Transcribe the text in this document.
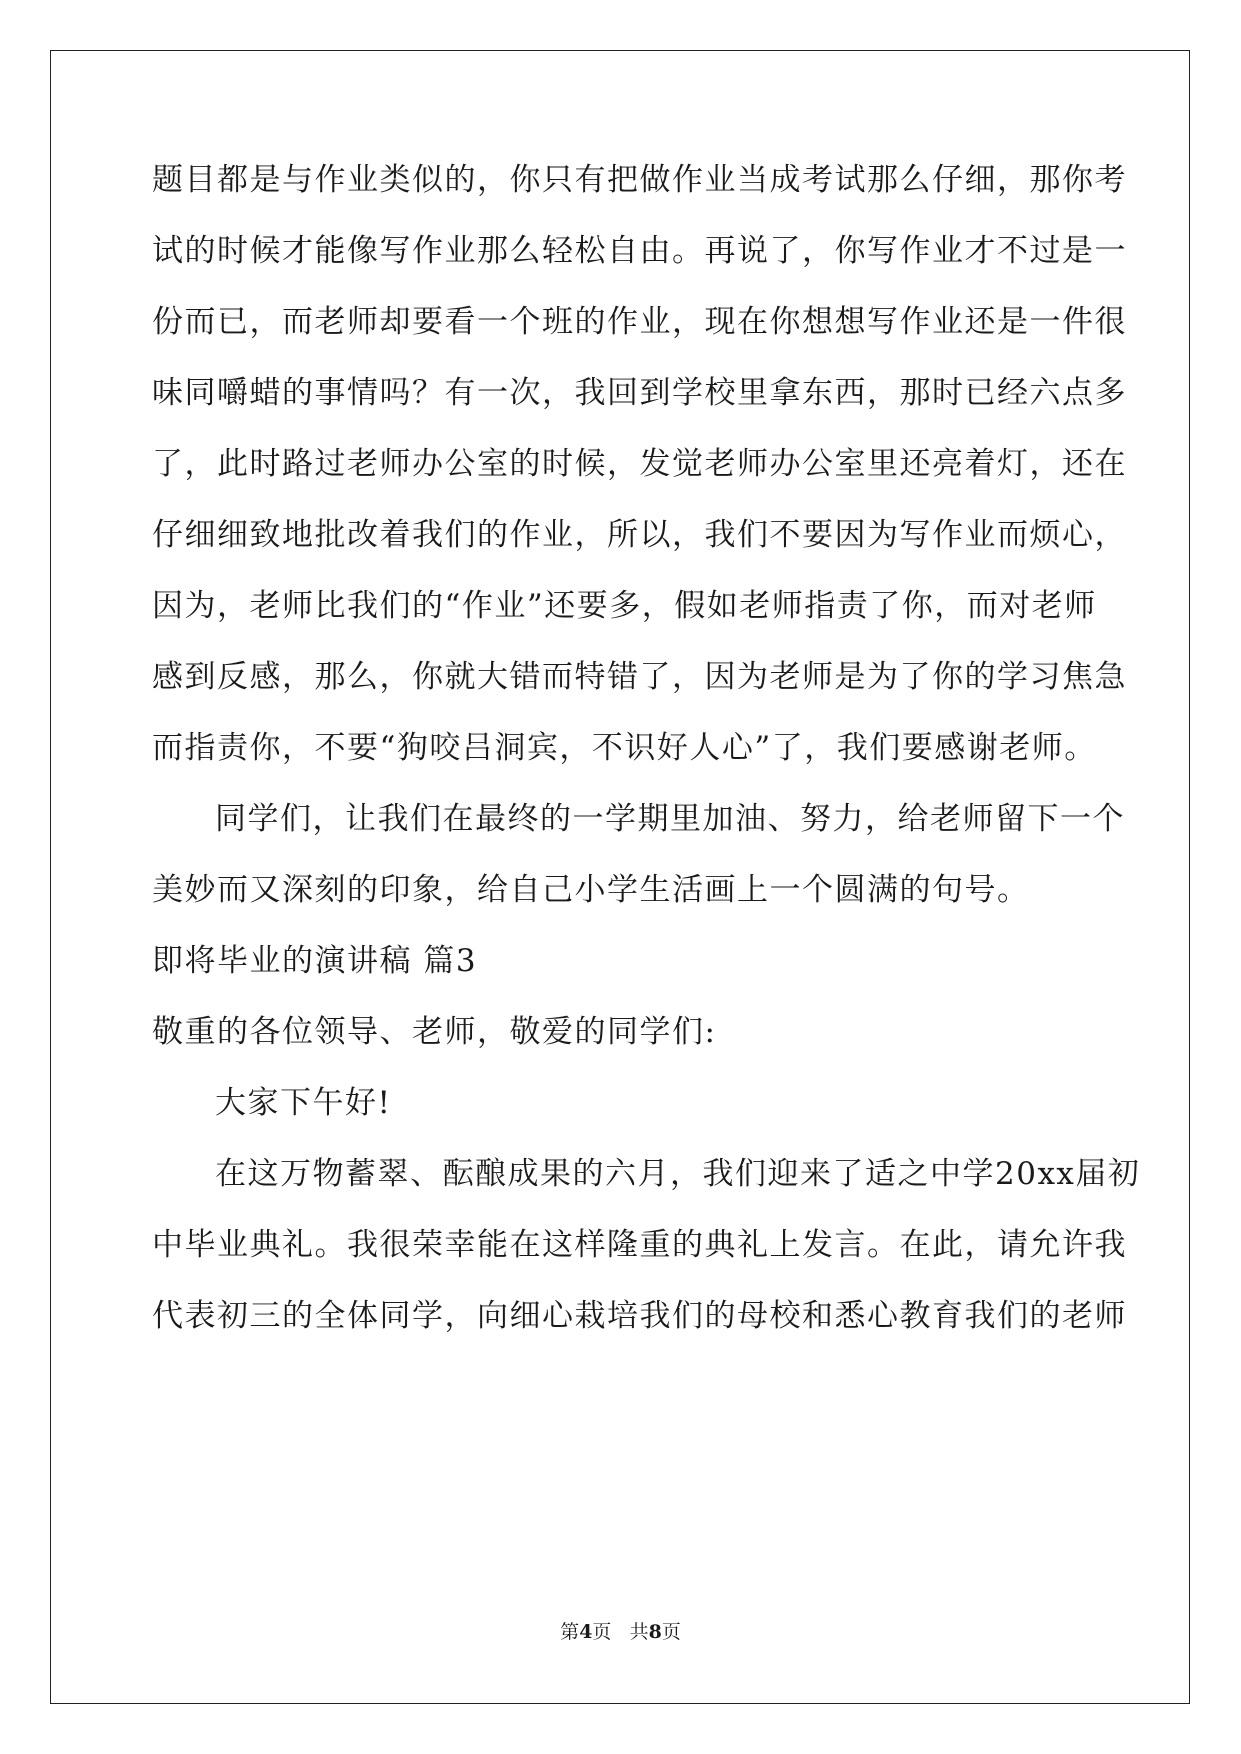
题目都是与作业类似的，你只有把做作业当成考试那么仔细，那你考
试的时候才能像写作业那么轻松自由。再说了，你写作业才不过是一
份而已，而老师却要看一个班的作业，现在你想想写作业还是一件很
味同嚼蜡的事情吗？有一次，我回到学校里拿东西，那时已经六点多
了，此时路过老师办公室的时候，发觉老师办公室里还亮着灯，还在
仔细细致地批改着我们的作业，所以，我们不要因为写作业而烦心，
因为，老师比我们的“作业”还要多，假如老师指责了你，而对老师
感到反感，那么，你就大错而特错了，因为老师是为了你的学习焦急
而指责你，不要“狗咬吕洞宾，不识好人心”了，我们要感谢老师。
同学们，让我们在最终的一学期里加油、努力，给老师留下一个
美妙而又深刻的印象，给自己小学生活画上一个圆满的句号。
即将毕业的演讲稿 篇3
敬重的各位领导、老师，敬爱的同学们:
大家下午好!
在这万物蓄翠、酝酿成果的六月，我们迎来了适之中学20xx届初
中毕业典礼。我很荣幸能在这样隆重的典礼上发言。在此，请允许我
代表初三的全体同学，向细心栽培我们的母校和悉心教育我们的老师
第4页 共8页
